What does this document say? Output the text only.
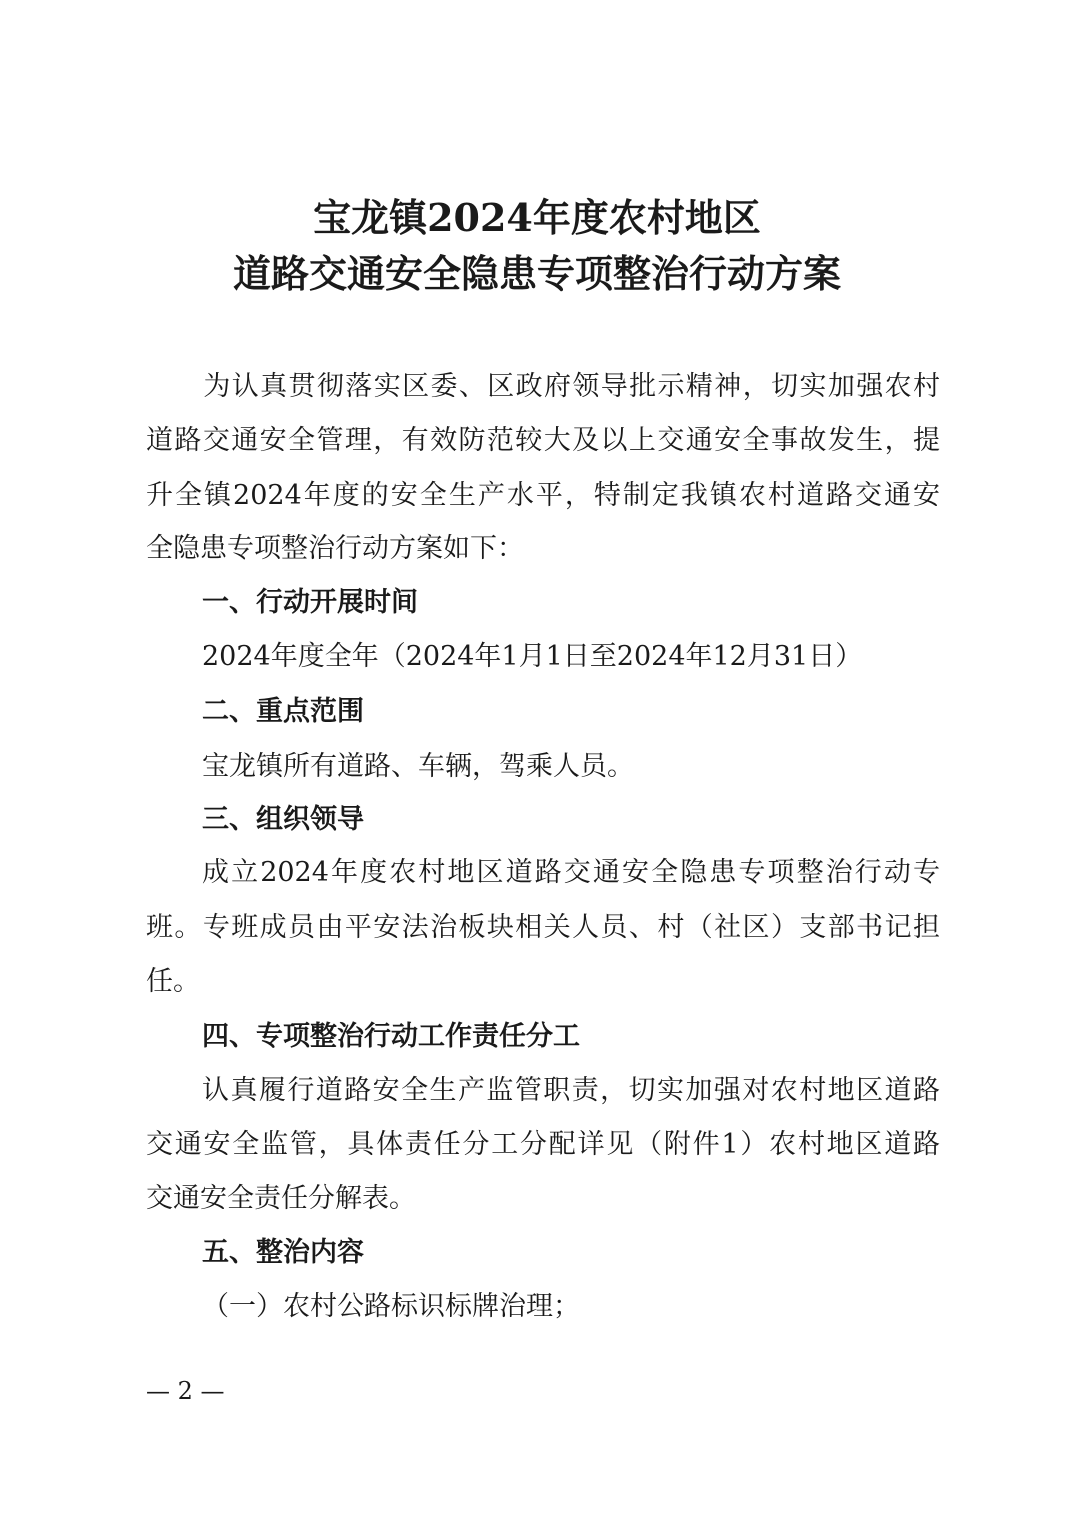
宝龙镇2024年度农村地区
道路交通安全隐患专项整治行动方案
为认真贯彻落实区委、区政府领导批示精神，切实加强农村
道路交通安全管理，有效防范较大及以上交通安全事故发生，提
升全镇2024年度的安全生产水平，特制定我镇农村道路交通安
全隐患专项整治行动方案如下：
一、行动开展时间
2024年度全年（2024年1月1日至2024年12月31日）
二、重点范围
宝龙镇所有道路、车辆，驾乘人员。
三、组织领导
成立2024年度农村地区道路交通安全隐患专项整治行动专
班。专班成员由平安法治板块相关人员、村（社区）支部书记担
任。
四、专项整治行动工作责任分工
认真履行道路安全生产监管职责，切实加强对农村地区道路
交通安全监管，具体责任分工分配详见（附件1）农村地区道路
交通安全责任分解表。
五、整治内容
（一）农村公路标识标牌治理；
— 2 —
